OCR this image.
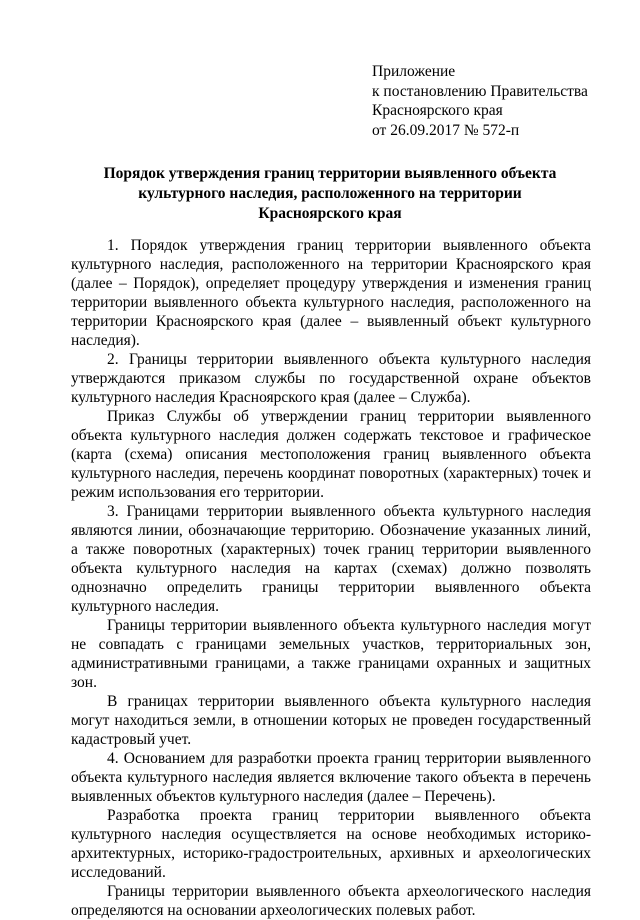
Приложение
к постановлению Правительства
Красноярского края
от 26.09.2017 № 572-п
Порядок утверждения границ территории выявленного объекта
культурного наследия, расположенного на территории
Красноярского края

1. Порядок утверждения границ территории выявленного объекта культурного наследия, расположенного на территории Красноярского края (далее – Порядок), определяет процедуру утверждения и изменения границ территории выявленного объекта культурного наследия, расположенного на территории Красноярского края (далее – выявленный объект культурного наследия).

2. Границы территории выявленного объекта культурного наследия утверждаются приказом службы по государственной охране объектов культурного наследия Красноярского края (далее – Служба).

Приказ Службы об утверждении границ территории выявленного объекта культурного наследия должен содержать текстовое и графическое (карта (схема) описания местоположения границ выявленного объекта культурного наследия, перечень координат поворотных (характерных) точек и режим использования его территории.

3. Границами территории выявленного объекта культурного наследия являются линии, обозначающие территорию. Обозначение указанных линий, а также поворотных (характерных) точек границ территории выявленного объекта культурного наследия на картах (схемах) должно позволять однозначно определить границы территории выявленного объекта культурного наследия.

Границы территории выявленного объекта культурного наследия могут не совпадать с границами земельных участков, территориальных зон, административными границами, а также границами охранных и защитных зон.

В границах территории выявленного объекта культурного наследия могут находиться земли, в отношении которых не проведен государственный кадастровый учет.

4. Основанием для разработки проекта границ территории выявленного объекта культурного наследия является включение такого объекта в перечень выявленных объектов культурного наследия (далее – Перечень).

Разработка проекта границ территории выявленного объекта культурного наследия осуществляется на основе необходимых историко-архитектурных, историко-градостроительных, архивных и археологических исследований.

Границы территории выявленного объекта археологического наследия определяются на основании археологических полевых работ.
